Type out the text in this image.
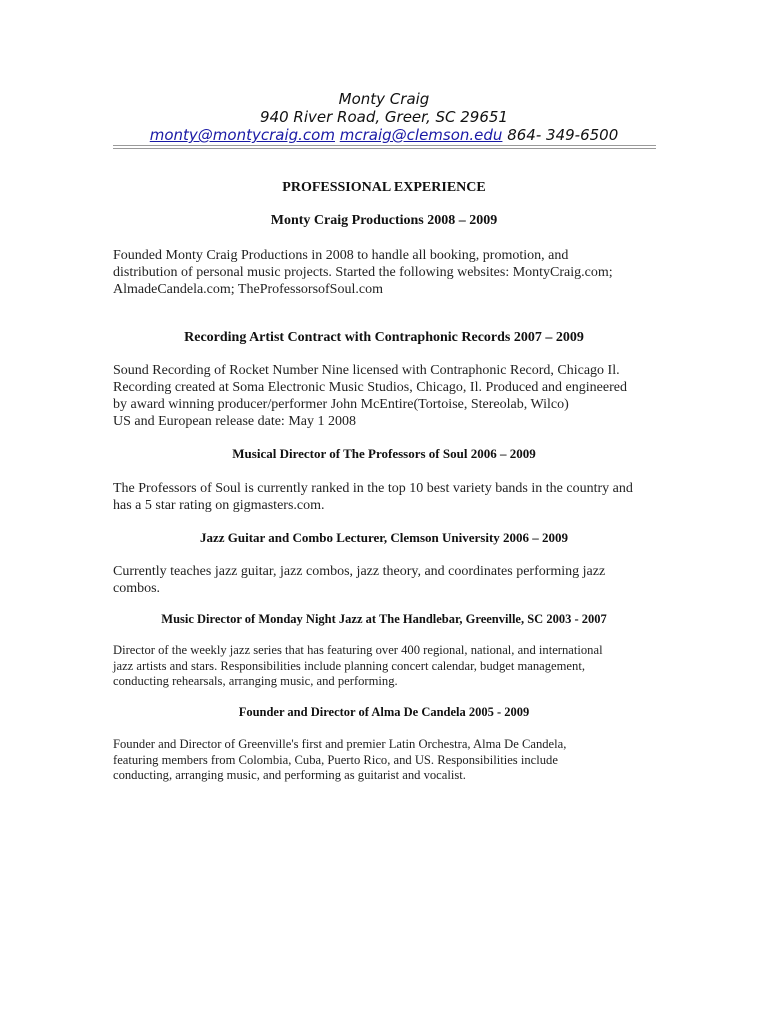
Monty Craig
940 River Road, Greer, SC 29651
monty@montycraig.com mcraig@clemson.edu 864- 349-6500
PROFESSIONAL EXPERIENCE
Monty Craig Productions 2008 – 2009

Founded Monty Craig Productions in 2008 to handle all booking, promotion, and

distribution of personal music projects. Started the following websites: MontyCraig.com;

AlmadeCandela.com; TheProfessorsofSoul.com

Recording Artist Contract with Contraphonic Records 2007 – 2009

Sound Recording of Rocket Number Nine licensed with Contraphonic Record, Chicago Il.

Recording created at Soma Electronic Music Studios, Chicago, Il. Produced and engineered

by award winning producer/performer John McEntire(Tortoise, Stereolab, Wilco)

US and European release date: May 1 2008

Musical Director of The Professors of Soul 2006 – 2009

The Professors of Soul is currently ranked in the top 10 best variety bands in the country and

has a 5 star rating on gigmasters.com.

Jazz Guitar and Combo Lecturer, Clemson University 2006 – 2009

Currently teaches jazz guitar, jazz combos, jazz theory, and coordinates performing jazz

combos.

Music Director of Monday Night Jazz at The Handlebar, Greenville, SC 2003 - 2007

Director of the weekly jazz series that has featuring over 400 regional, national, and international

jazz artists and stars. Responsibilities include planning concert calendar, budget management,

conducting rehearsals, arranging music, and performing.

Founder and Director of Alma De Candela 2005 - 2009

Founder and Director of Greenville's first and premier Latin Orchestra, Alma De Candela,

featuring members from Colombia, Cuba, Puerto Rico, and US. Responsibilities include

conducting, arranging music, and performing as guitarist and vocalist.
